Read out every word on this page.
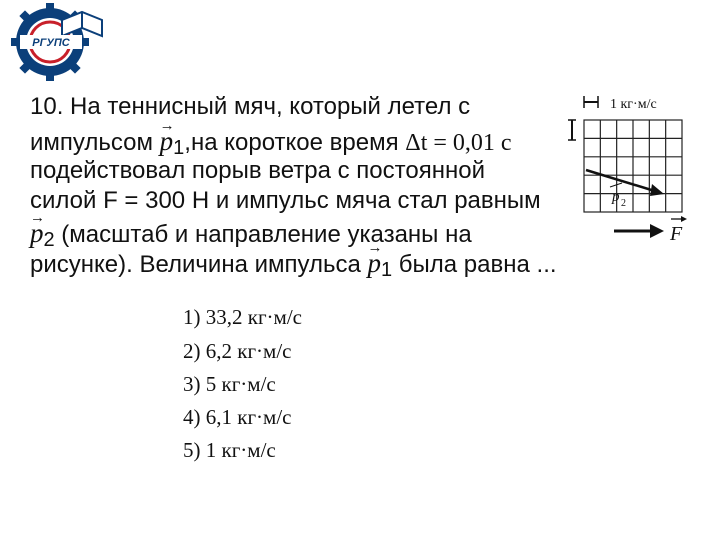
РГУПС
10. На теннисный мяч, который летел с
импульсом → $p_1,на$ короткое время Δt = 0,01 с
подействовал порыв ветра с постоянной
силой F = 300 Н и импульс мяча стал равным
→ $p_2$ (масштаб и направление указаны на
рисунке). Величина импульса → $p_1$ была равна ...
1 кг·м/с
p 2
F
1) 33,2 кг·м/с
2) 6,2 кг·м/с
3) 5 кг·м/с
4) 6,1 кг·м/с
5) 1 кг·м/с
